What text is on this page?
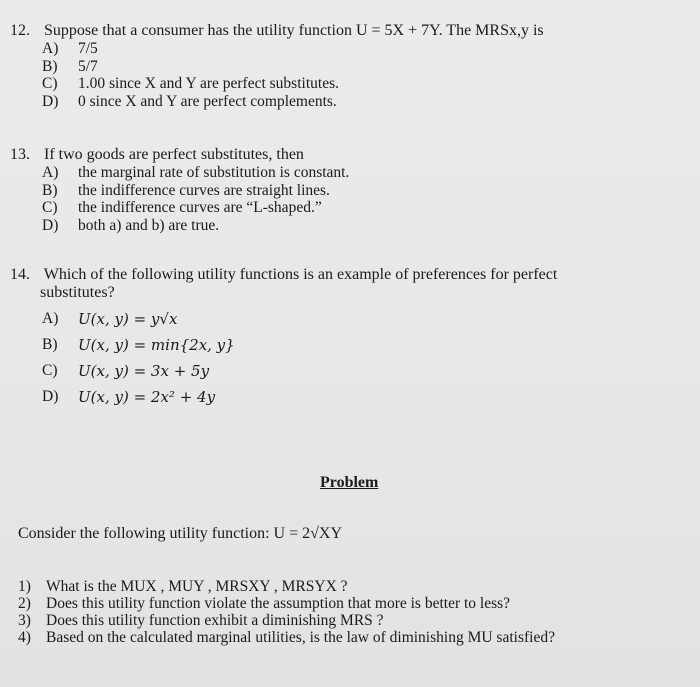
12. Suppose that a consumer has the utility function U = 5X + 7Y. The MRSx,y is
A)	7/5
B)	5/7
C)	1.00 since X and Y are perfect substitutes.
D)	0 since X and Y are perfect complements.
13. If two goods are perfect substitutes, then
A)	the marginal rate of substitution is constant.
B)	the indifference curves are straight lines.
C)	the indifference curves are “L-shaped.”
D)	both a) and b) are true.
14. Which of the following utility functions is an example of preferences for perfect
substitutes?
A)	U(x, y) = y√x
B)	U(x, y) = min{2x, y}
C)	U(x, y) = 3x + 5y
D)	U(x, y) = 2x² + 4y
Problem
Consider the following utility function: U = 2√XY
1) What is the MUX , MUY , MRSXY , MRSYX ?
2) Does this utility function violate the assumption that more is better to less?
3) Does this utility function exhibit a diminishing MRS ?
4) Based on the calculated marginal utilities, is the law of diminishing MU satisfied?
